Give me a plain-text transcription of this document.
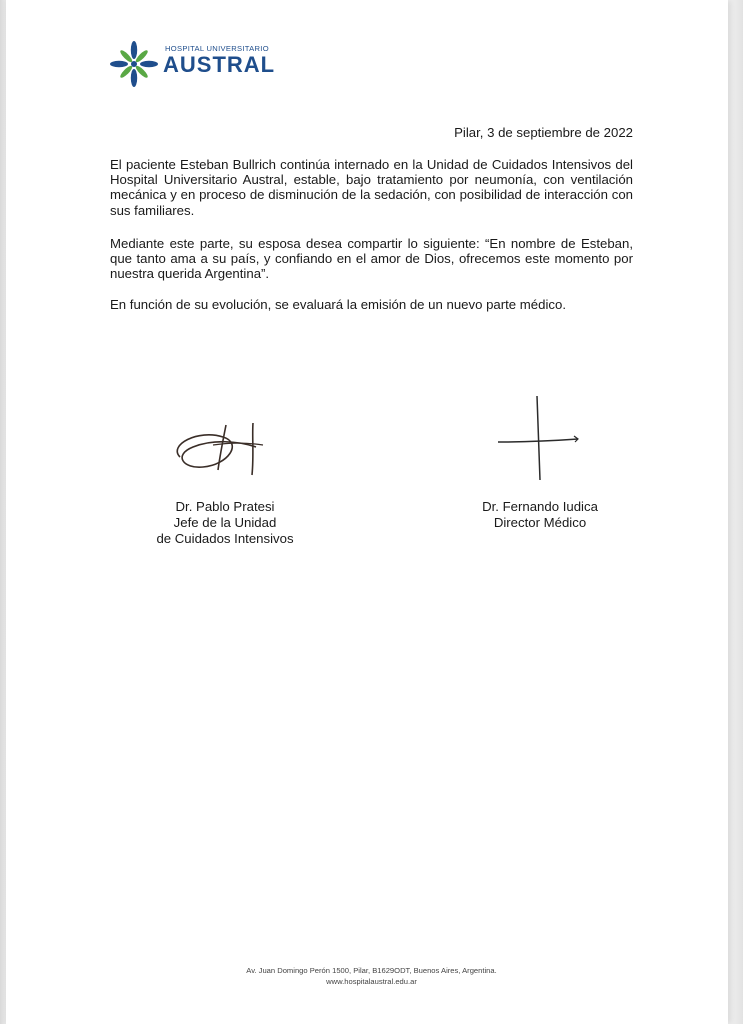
HOSPITAL UNIVERSITARIO
AUSTRAL
Pilar, 3 de septiembre de 2022

El paciente Esteban Bullrich continúa internado en la Unidad de Cuidados Intensivos del Hospital Universitario Austral, estable, bajo tratamiento por neumonía, con ventilación mecánica y en proceso de disminución de la sedación, con posibilidad de interacción con sus familiares.

Mediante este parte, su esposa desea compartir lo siguiente: “En nombre de Esteban, que tanto ama a su país, y confiando en el amor de Dios, ofrecemos este momento por nuestra querida Argentina”.

En función de su evolución, se evaluará la emisión de un nuevo parte médico.

Dr. Pablo Pratesi
Jefe de la Unidad
de Cuidados Intensivos
Dr. Fernando Iudica
Director Médico
Av. Juan Domingo Perón 1500, Pilar, B1629ODT, Buenos Aires, Argentina.
www.hospitalaustral.edu.ar
